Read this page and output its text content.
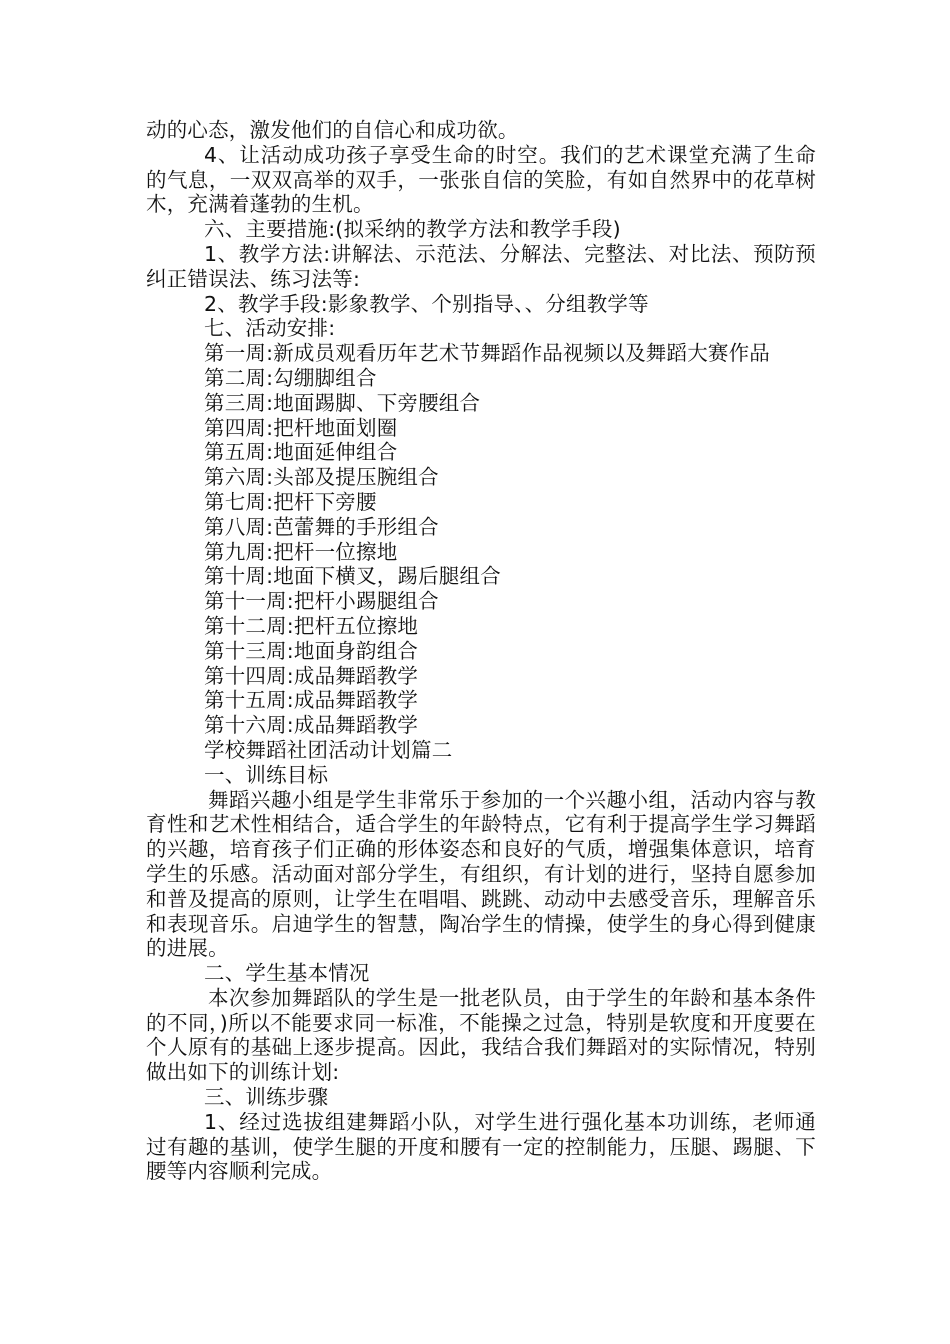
动的心态，激发他们的自信心和成功欲。

4、让活动成功孩子享受生命的时空。我们的艺术课堂充满了生命的气息，一双双高举的双手，一张张自信的笑脸，有如自然界中的花草树木，充满着蓬勃的生机。

六、主要措施:(拟采纳的教学方法和教学手段)

1、教学方法:讲解法、示范法、分解法、完整法、对比法、预防预纠正错误法、练习法等:

2、教学手段:影象教学、个别指导、、分组教学等

七、活动安排:

第一周:新成员观看历年艺术节舞蹈作品视频以及舞蹈大赛作品

第二周:勾绷脚组合

第三周:地面踢脚、下旁腰组合

第四周:把杆地面划圈

第五周:地面延伸组合

第六周:头部及提压腕组合

第七周:把杆下旁腰

第八周:芭蕾舞的手形组合

第九周:把杆一位擦地

第十周:地面下横叉，踢后腿组合

第十一周:把杆小踢腿组合

第十二周:把杆五位擦地

第十三周:地面身韵组合

第十四周:成品舞蹈教学

第十五周:成品舞蹈教学

第十六周:成品舞蹈教学

学校舞蹈社团活动计划篇二

一、训练目标

舞蹈兴趣小组是学生非常乐于参加的一个兴趣小组，活动内容与教育性和艺术性相结合，适合学生的年龄特点，它有利于提高学生学习舞蹈的兴趣，培育孩子们正确的形体姿态和良好的气质，增强集体意识，培育学生的乐感。活动面对部分学生，有组织，有计划的进行，坚持自愿参加和普及提高的原则，让学生在唱唱、跳跳、动动中去感受音乐，理解音乐和表现音乐。启迪学生的智慧，陶冶学生的情操，使学生的身心得到健康的进展。

二、学生基本情况

本次参加舞蹈队的学生是一批老队员，由于学生的年龄和基本条件的不同，)所以不能要求同一标准，不能操之过急，特别是软度和开度要在个人原有的基础上逐步提高。因此，我结合我们舞蹈对的实际情况，特别做出如下的训练计划:

三、训练步骤

1、经过选拔组建舞蹈小队，对学生进行强化基本功训练，老师通过有趣的基训，使学生腿的开度和腰有一定的控制能力，压腿、踢腿、下腰等内容顺利完成。
